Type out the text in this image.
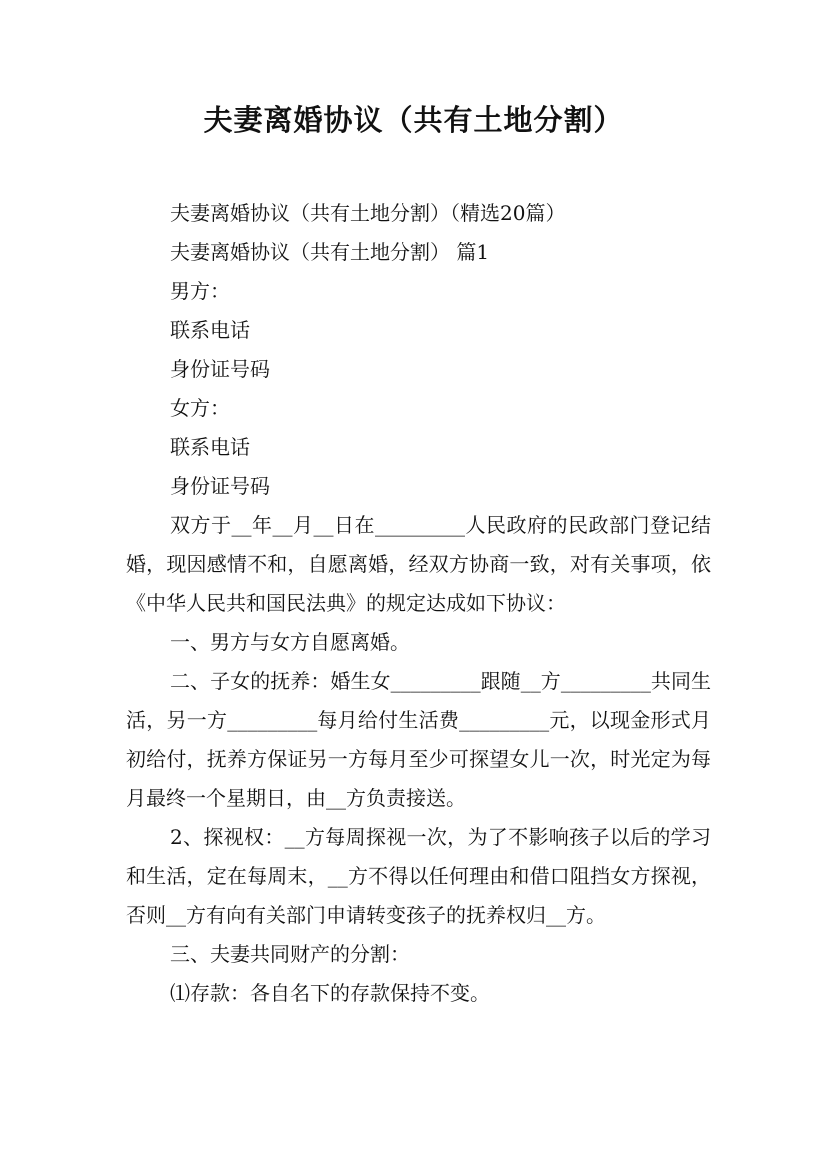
夫妻离婚协议（共有土地分割）
夫妻离婚协议（共有土地分割）（精选20篇）
夫妻离婚协议（共有土地分割） 篇1
男方：
联系电话
身份证号码
女方：
联系电话
身份证号码

双方于__年__月__日在_________人民政府的民政部门登记结婚，现因感情不和，自愿离婚，经双方协商一致，对有关事项，依《中华人民共和国民法典》的规定达成如下协议：

一、男方与女方自愿离婚。

二、子女的抚养：婚生女_________跟随__方_________共同生活，另一方_________每月给付生活费_________元，以现金形式月初给付，抚养方保证另一方每月至少可探望女儿一次，时光定为每月最终一个星期日，由__方负责接送。

2、探视权：__方每周探视一次，为了不影响孩子以后的学习和生活，定在每周末，__方不得以任何理由和借口阻挡女方探视，否则__方有向有关部门申请转变孩子的抚养权归__方。

三、夫妻共同财产的分割：

⑴存款：各自名下的存款保持不变。
